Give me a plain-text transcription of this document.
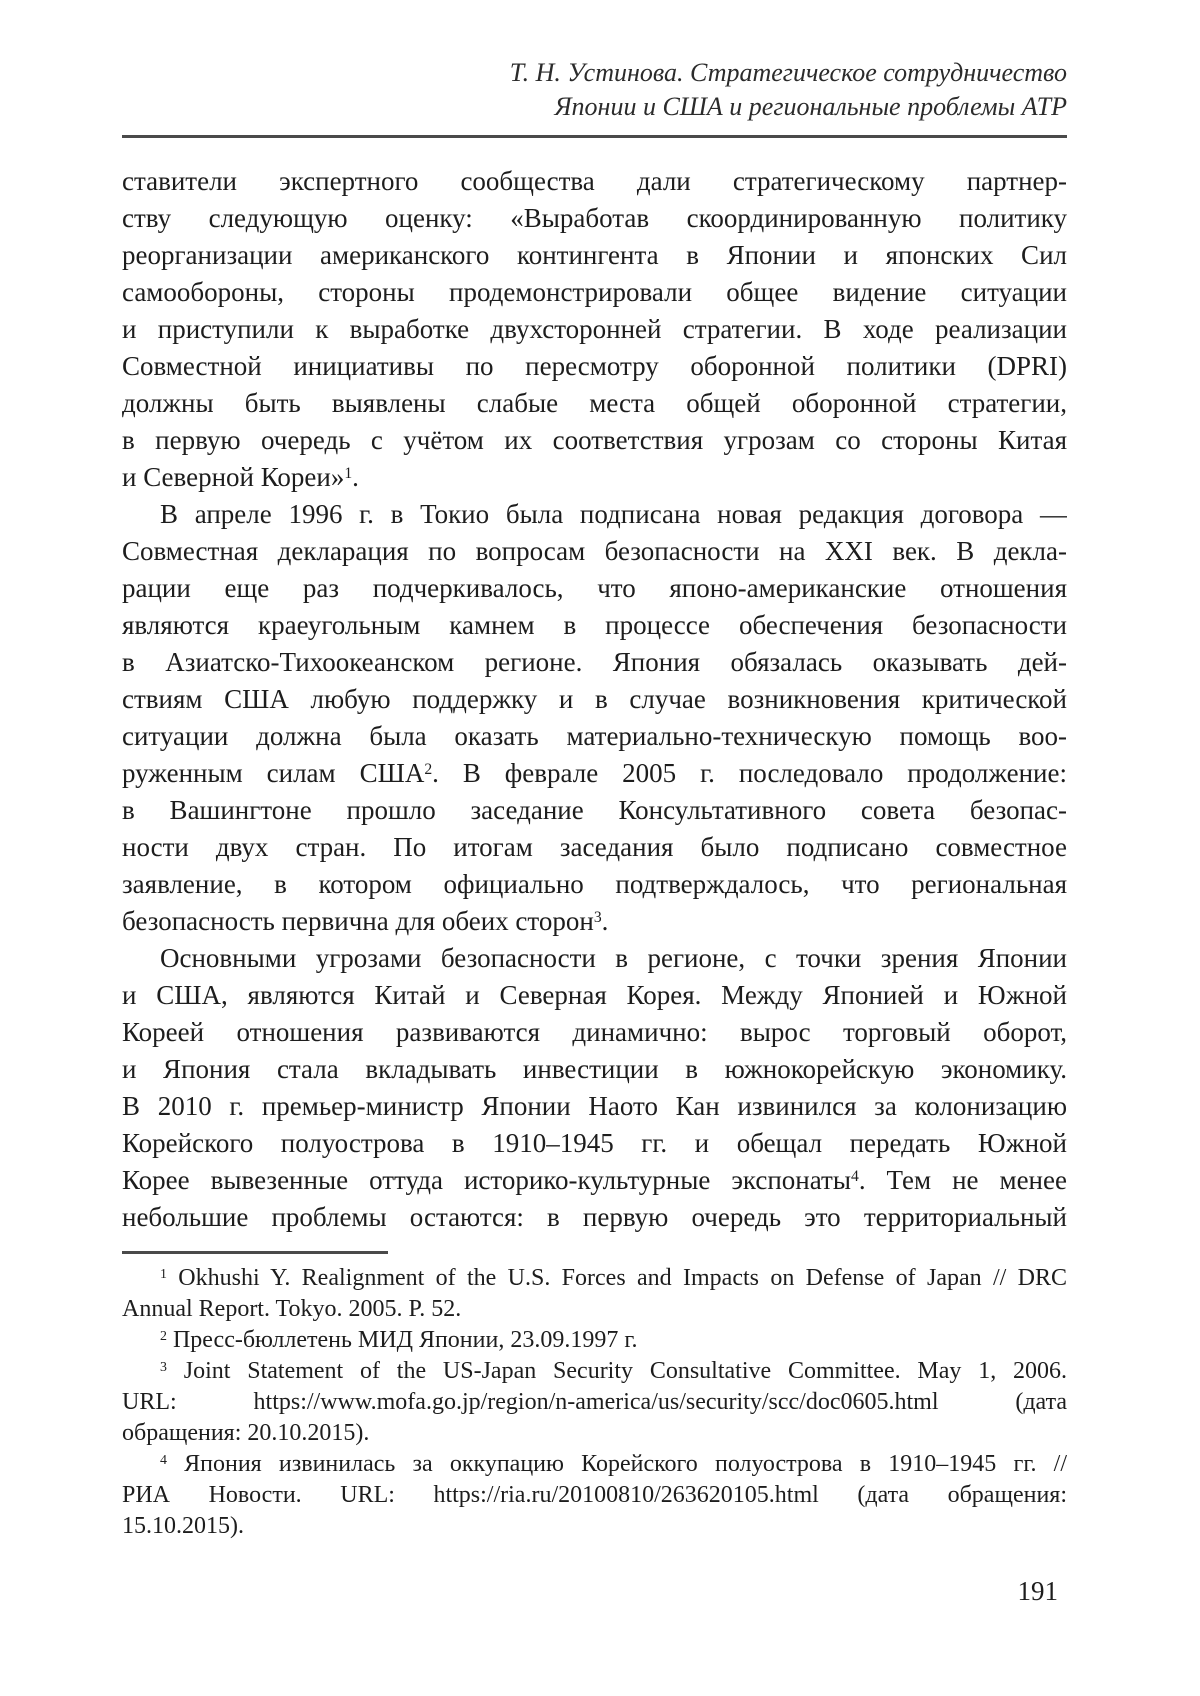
Т. Н. Устинова. Стратегическое сотрудничество
Японии и США и региональные проблемы АТР
ставители экспертного сообщества дали стратегическому партнер-
ству следующую оценку: «Выработав скоординированную политику
реорганизации американского контингента в Японии и японских Сил
самообороны, стороны продемонстрировали общее видение ситуации
и приступили к выработке двухсторонней стратегии. В ходе реализации
Совместной инициативы по пересмотру оборонной политики (DPRI)
должны быть выявлены слабые места общей оборонной стратегии,
в первую очередь с учётом их соответствия угрозам со стороны Китая
и Северной Кореи»$^1$.
В апреле 1996 г. в Токио была подписана новая редакция договора —
Совместная декларация по вопросам безопасности на XXI век. В декла-
рации еще раз подчеркивалось, что японо-американские отношения
являются краеугольным камнем в процессе обеспечения безопасности
в Азиатско-Тихоокеанском регионе. Япония обязалась оказывать дей-
ствиям США любую поддержку и в случае возникновения критической
ситуации должна была оказать материально-техническую помощь воо-
руженным силам США$^2$. В феврале 2005 г. последовало продолжение:
в Вашингтоне прошло заседание Консультативного совета безопас-
ности двух стран. По итогам заседания было подписано совместное
заявление, в котором официально подтверждалось, что региональная
безопасность первична для обеих сторон$^3$.
Основными угрозами безопасности в регионе, с точки зрения Японии
и США, являются Китай и Северная Корея. Между Японией и Южной
Кореей отношения развиваются динамично: вырос торговый оборот,
и Япония стала вкладывать инвестиции в южнокорейскую экономику.
В 2010 г. премьер-министр Японии Наото Кан извинился за колонизацию
Корейского полуострова в 1910–1945 гг. и обещал передать Южной
Корее вывезенные оттуда историко-культурные экспонаты$^4$. Тем не менее
небольшие проблемы остаются: в первую очередь это территориальный
$^1$ Okhushi Y. Realignment of the U.S. Forces and Impacts on Defense of Japan // DRC
Annual Report. Tokyo. 2005. P. 52.
$^2$ Пресс-бюллетень МИД Японии, 23.09.1997 г.
$^3$ Joint Statement of the US-Japan Security Consultative Committee. May 1, 2006.
URL: https://www.mofa.go.jp/region/n-america/us/security/scc/doc0605.html (дата
обращения: 20.10.2015).
$^4$ Япония извинилась за оккупацию Корейского полуострова в 1910–1945 гг. //
РИА Новости. URL: https://ria.ru/20100810/263620105.html (дата обращения:
15.10.2015).
191
